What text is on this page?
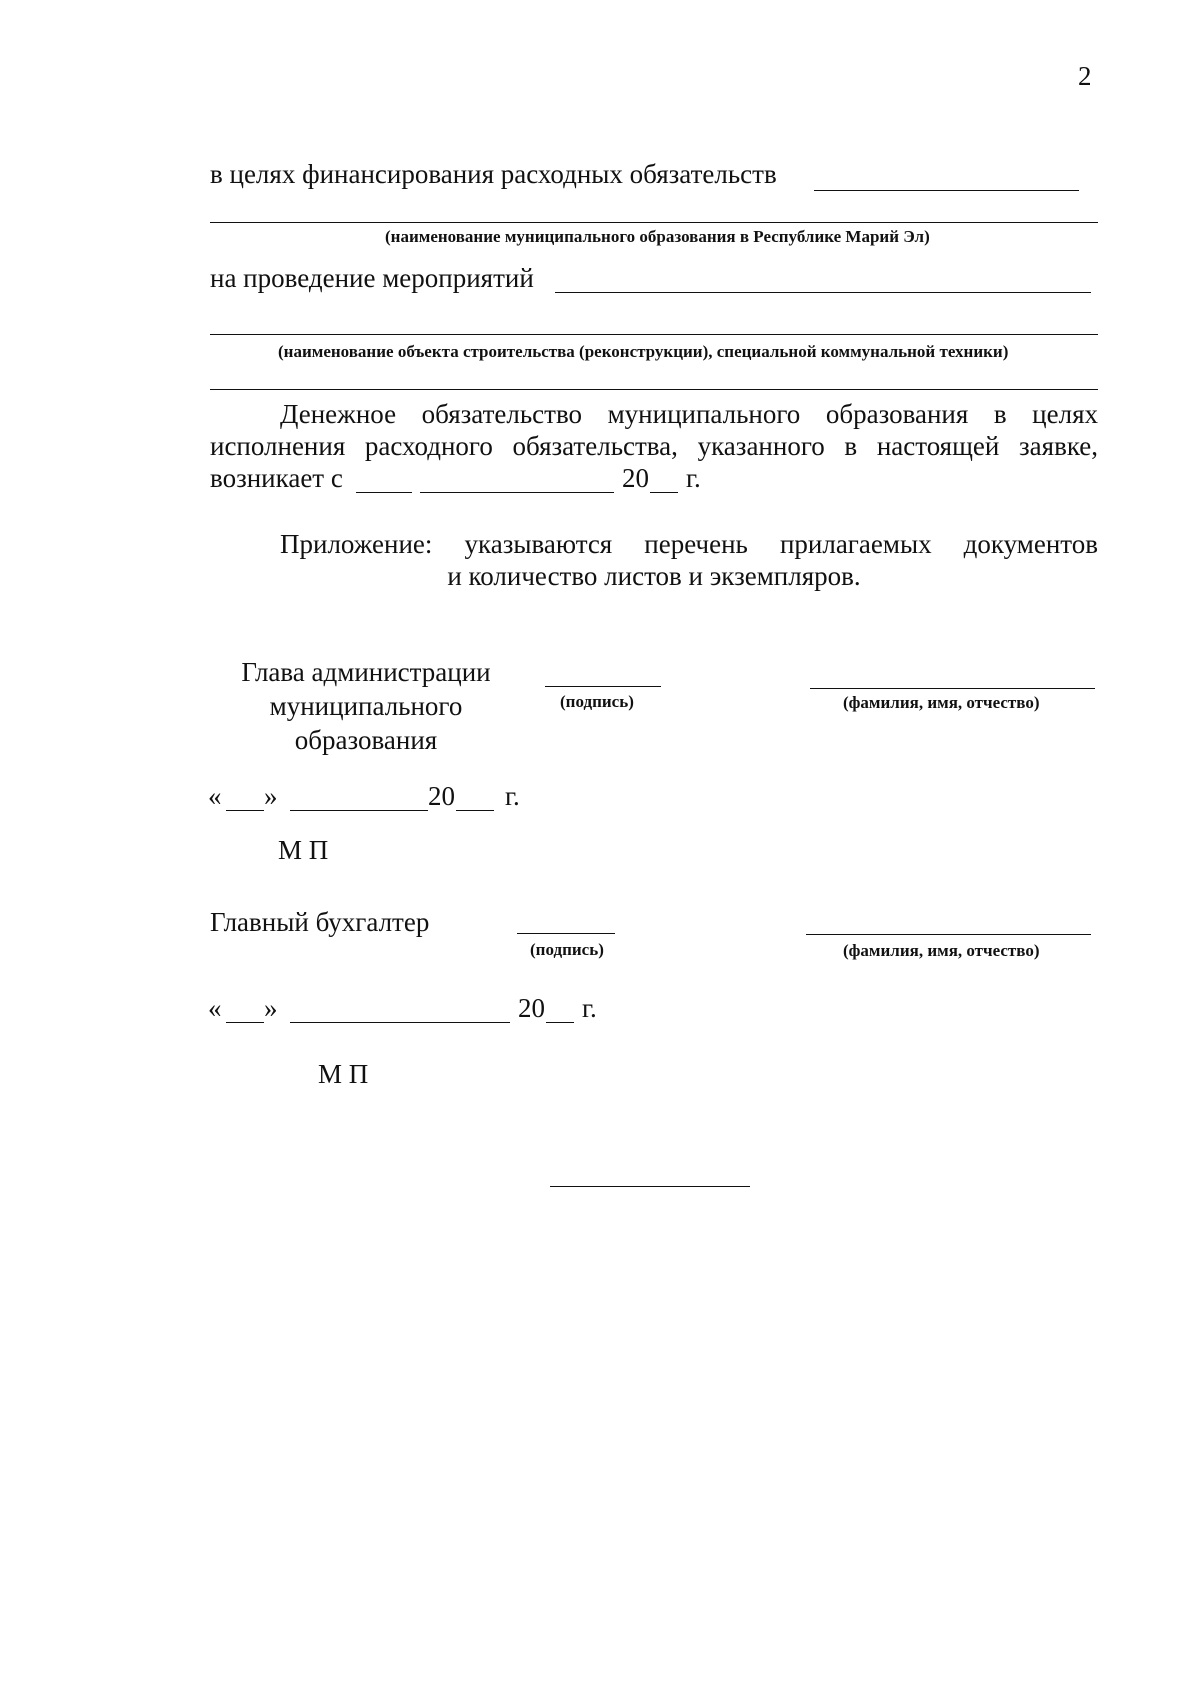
2
в целях финансирования расходных обязательств
(наименование муниципального образования в Республике Марий Эл)
на проведение мероприятий
(наименование объекта строительства (реконструкции), специальной коммунальной техники)
Денежное обязательство муниципального образования в целях
исполнения расходного обязательства, указанного в настоящей заявке,
возникает с	20 г.
Приложение: указываются перечень прилагаемых документов
и количество листов и экземпляров.
Глава администрации
муниципального
образования
(подпись)	(фамилия, имя, отчество)
« »	20 г.
М П
Главный бухгалтер
(подпись)	(фамилия, имя, отчество)
« »	20 г.
М П
